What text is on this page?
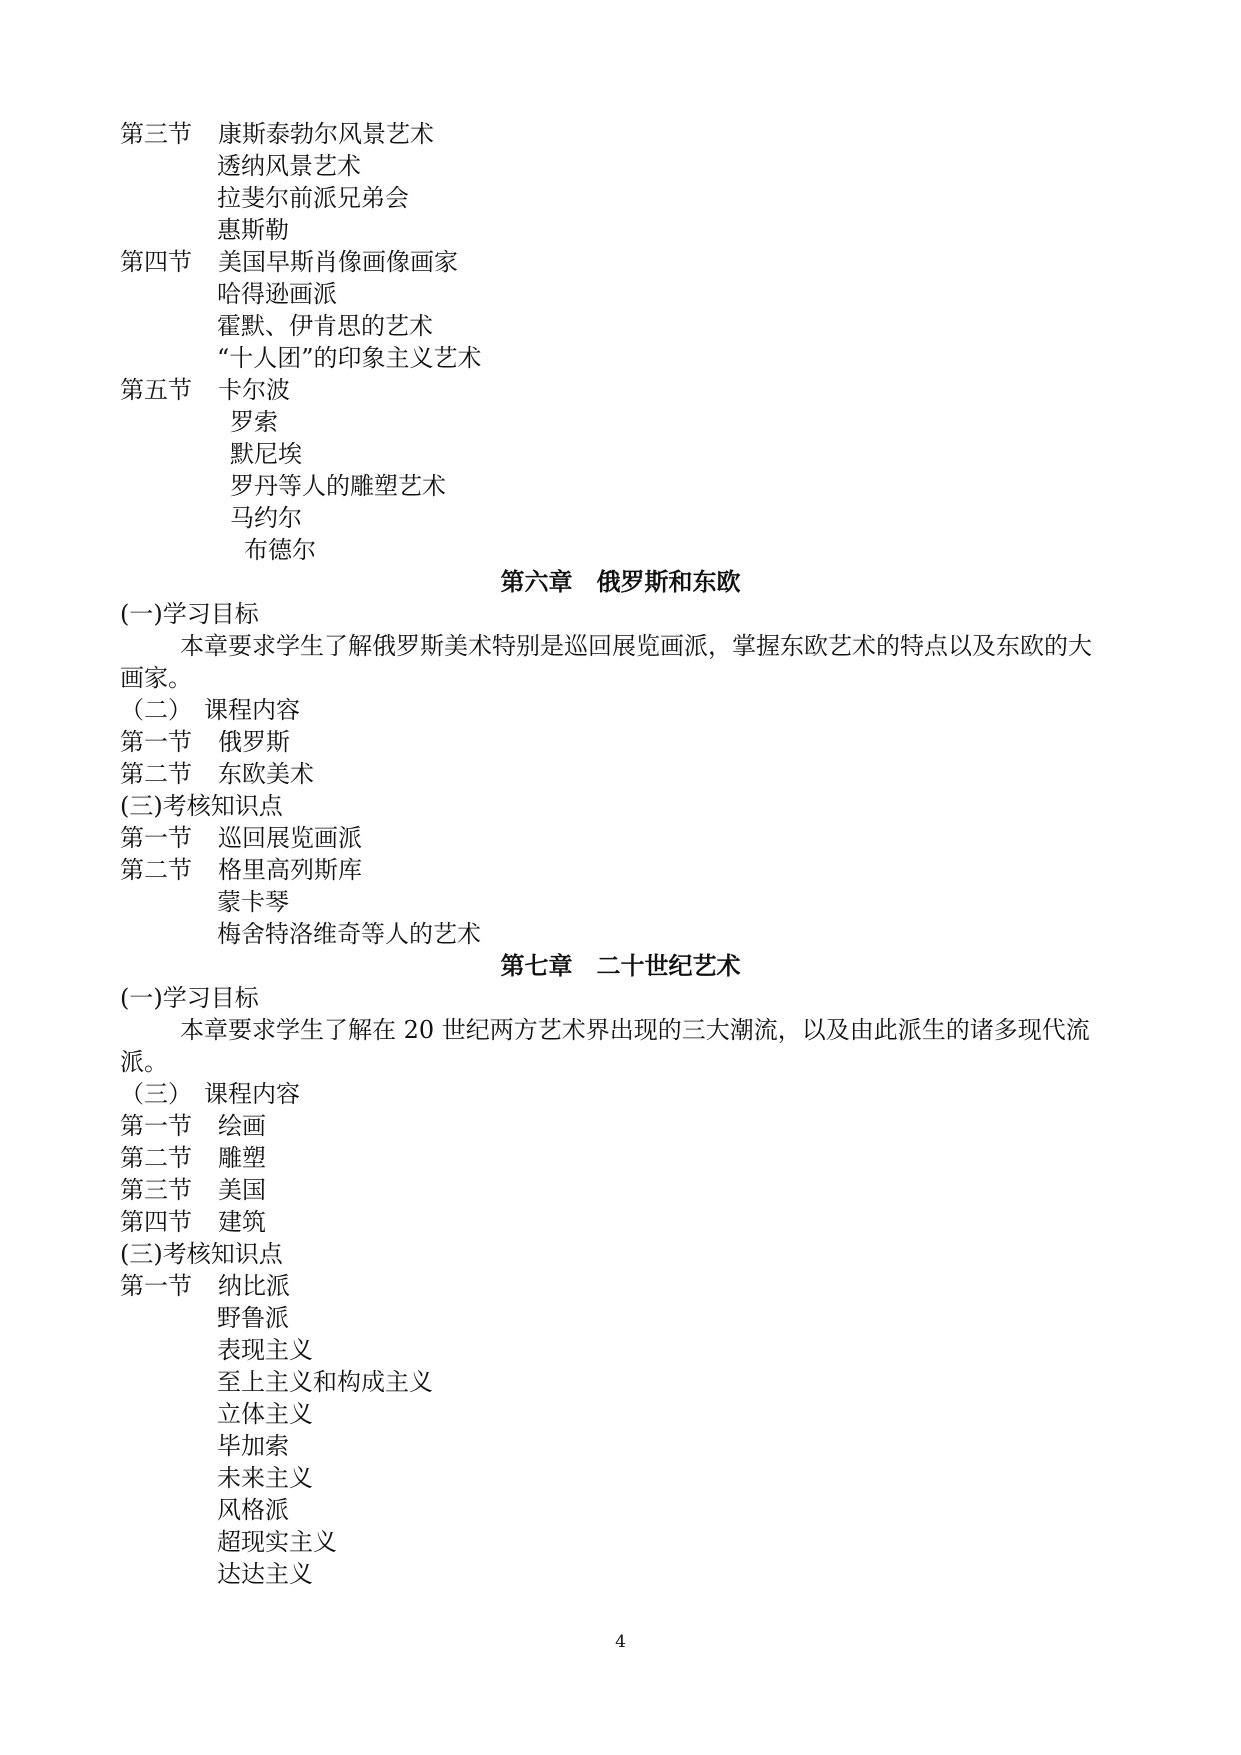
第三节 康斯泰勃尔风景艺术
透纳风景艺术
拉斐尔前派兄弟会
惠斯勒
第四节 美国早斯肖像画像画家
哈得逊画派
霍默、伊肯思的艺术
“十人团”的印象主义艺术
第五节 卡尔波
罗索
默尼埃
罗丹等人的雕塑艺术
马约尔
布德尔
第六章　俄罗斯和东欧
(一)学习目标
本章要求学生了解俄罗斯美术特别是巡回展览画派，掌握东欧艺术的特点以及东欧的大
画家。
（二）　课程内容
第一节 俄罗斯
第二节 东欧美术
(三)考核知识点
第一节 巡回展览画派
第二节 格里高列斯库
蒙卡琴
梅舍特洛维奇等人的艺术
第七章　二十世纪艺术
(一)学习目标
本章要求学生了解在 20 世纪两方艺术界出现的三大潮流，以及由此派生的诸多现代流
派。
（三）　课程内容
第一节 绘画
第二节 雕塑
第三节 美国
第四节 建筑
(三)考核知识点
第一节 纳比派
野鲁派
表现主义
至上主义和构成主义
立体主义
毕加索
未来主义
风格派
超现实主义
达达主义
4
